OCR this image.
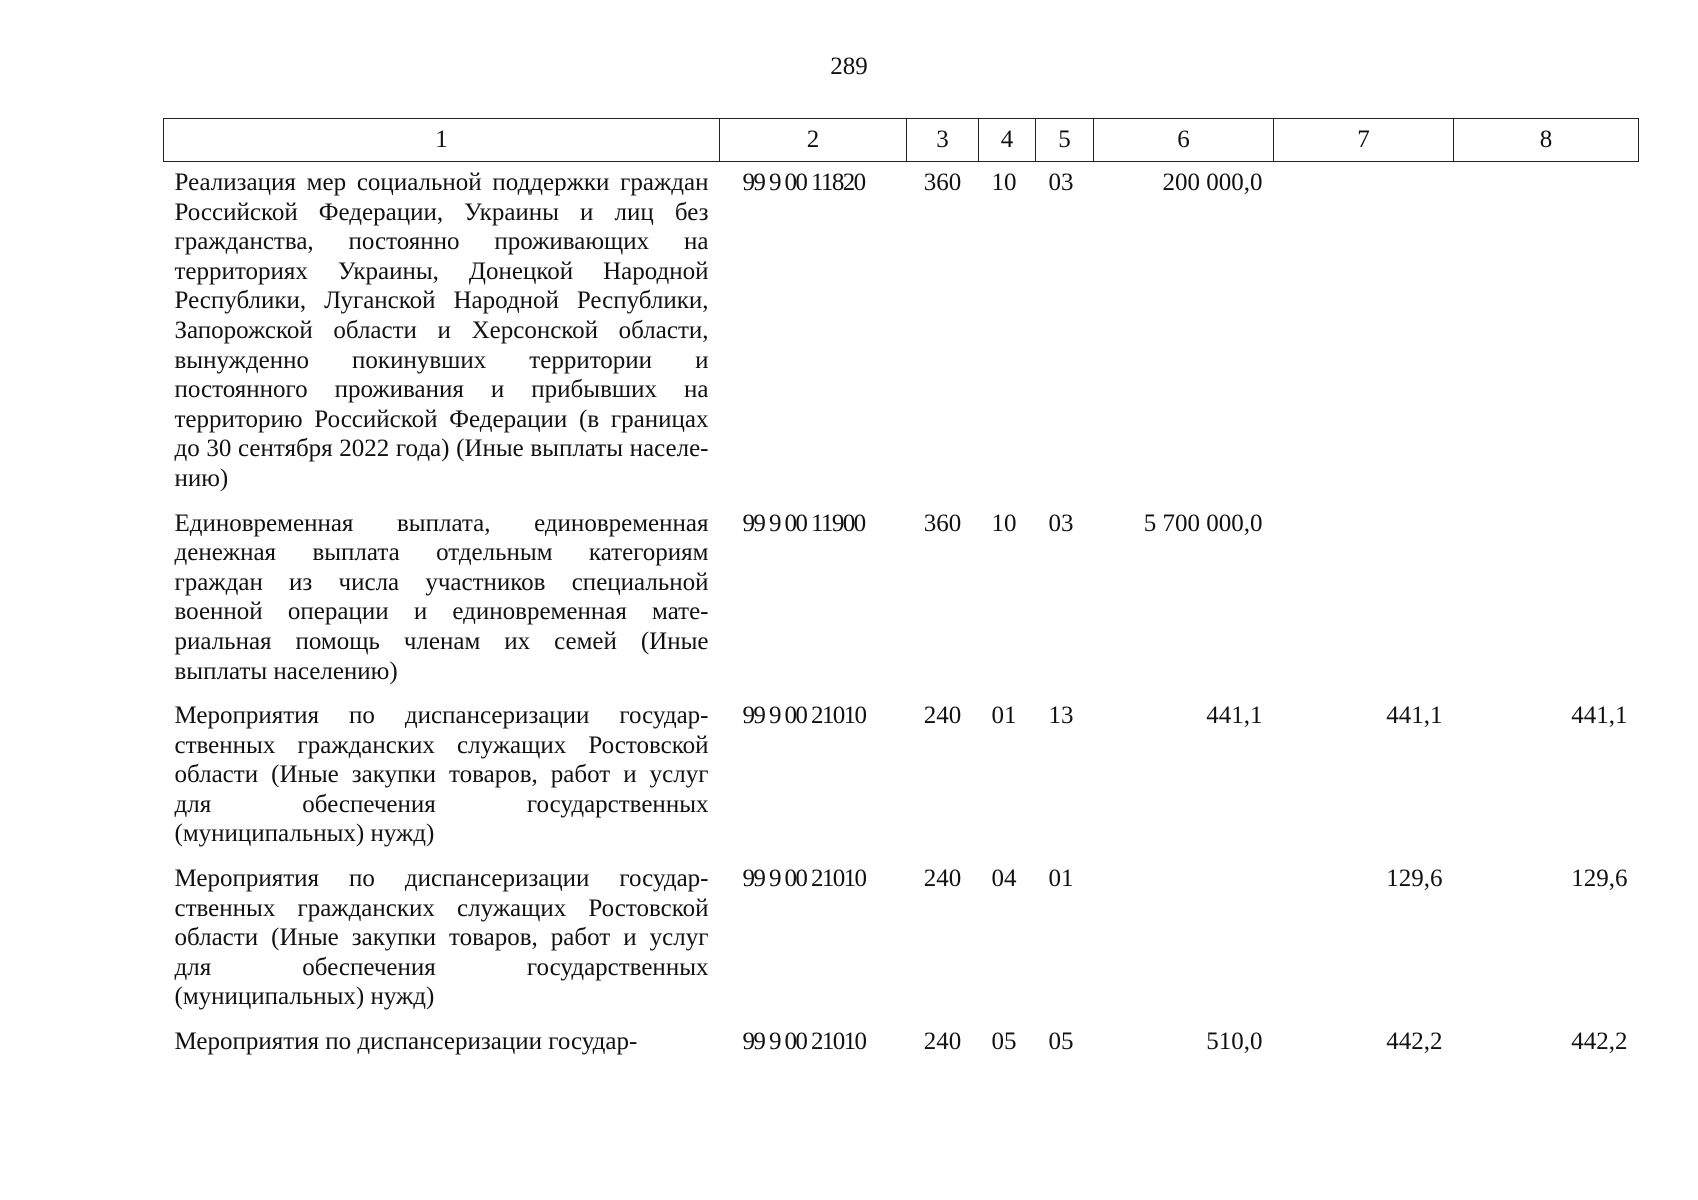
289
1	2	3	4	5	6	7	8
Реализация мер социальной поддержки граждан Российской Федерации, Украины и лиц без гражданства, постоянно проживающих на территориях Украины, Донецкой Народной Республики, Луганской Народной Республики, Запорожской области и Херсонской области, вынужденно покинувших территории и постоянного проживания и прибывших на территорию Российской Федерации (в границах до 30 сентября 2022 года) (Иные выплаты населению)	99 9 00 11820	360	10	03	200 000,0		
Единовременная выплата, единовременная денежная выплата отдельным категориям граждан из числа участников специальной военной операции и единовременная материальная помощь членам их семей (Иные выплаты населению)	99 9 00 11900	360	10	03	5 700 000,0		
Мероприятия по диспансеризации государственных гражданских служащих Ростовской области (Иные закупки товаров, работ и услуг для обеспечения государственных (муниципальных) нужд)	99 9 00 21010	240	01	13	441,1	441,1	441,1
Мероприятия по диспансеризации государственных гражданских служащих Ростовской области (Иные закупки товаров, работ и услуг для обеспечения государственных (муниципальных) нужд)	99 9 00 21010	240	04	01		129,6	129,6
Мероприятия по диспансеризации государ-	99 9 00 21010	240	05	05	510,0	442,2	442,2
